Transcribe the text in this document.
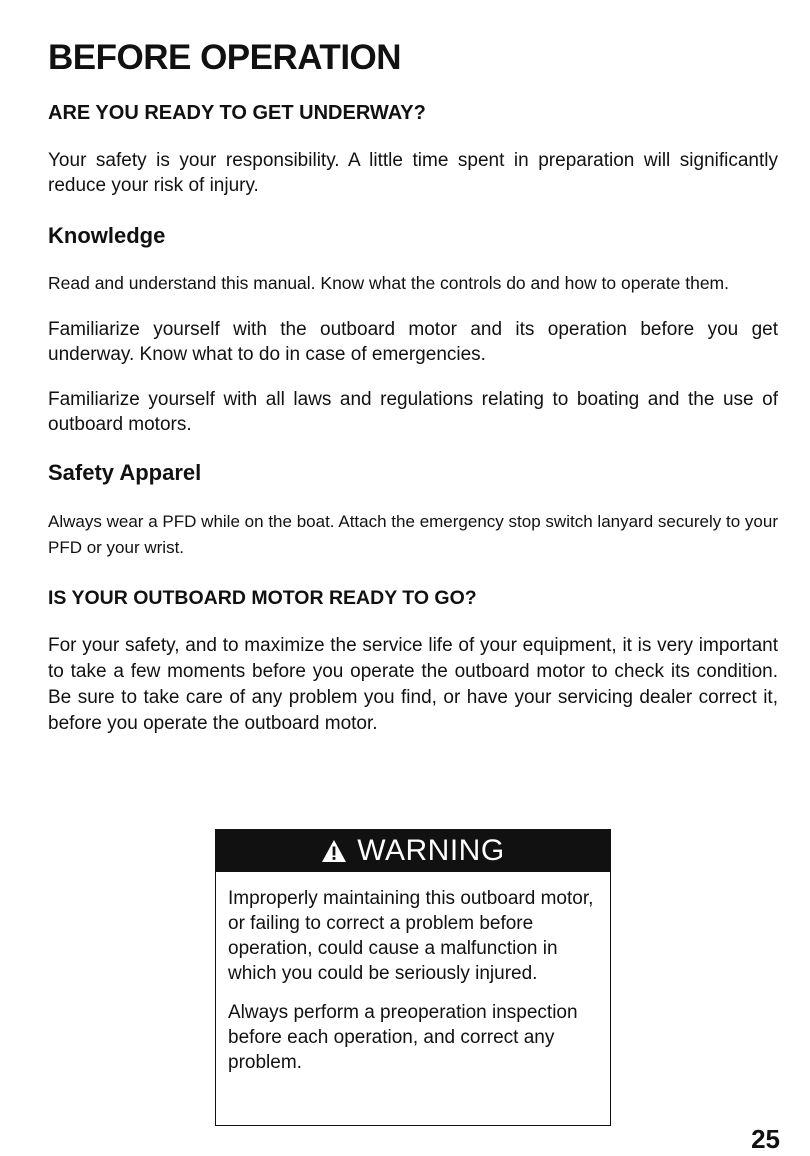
BEFORE OPERATION
ARE YOU READY TO GET UNDERWAY?

Your safety is your responsibility. A little time spent in preparation will significantly reduce your risk of injury.

Knowledge

Read and understand this manual. Know what the controls do and how to operate them.

Familiarize yourself with the outboard motor and its operation before you get underway. Know what to do in case of emergencies.

Familiarize yourself with all laws and regulations relating to boating and the use of outboard motors.

Safety Apparel

Always wear a PFD while on the boat. Attach the emergency stop switch lanyard securely to your PFD or your wrist.

IS YOUR OUTBOARD MOTOR READY TO GO?

For your safety, and to maximize the service life of your equipment, it is very important to take a few moments before you operate the outboard motor to check its condition. Be sure to take care of any problem you find, or have your servicing dealer correct it, before you operate the outboard motor.

WARNING

Improperly maintaining this outboard motor, or failing to correct a problem before operation, could cause a malfunction in which you could be seriously injured.

Always perform a preoperation inspection before each operation, and correct any problem.

25
